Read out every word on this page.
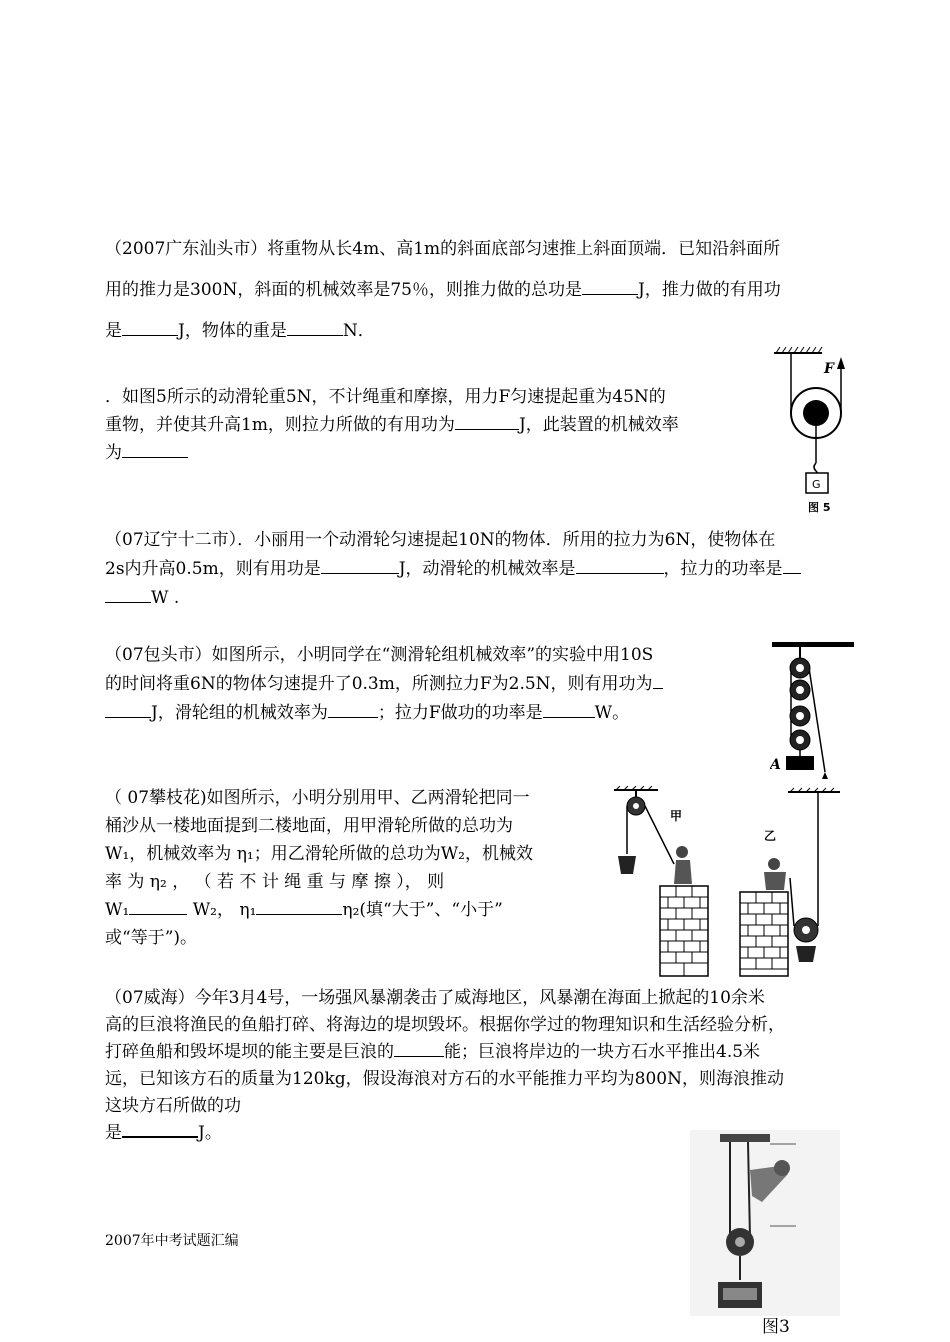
（2007广东汕头市）将重物从长4m、高1m的斜面底部匀速推上斜面顶端．已知沿斜面所
用的推力是300N，斜面的机械效率是75％，则推力做的总功是	J，推力做的有用功
是	J，物体的重是	N．
．如图5所示的动滑轮重5N，不计绳重和摩擦，用力F匀速提起重为45N的
重物，并使其升高1m，则拉力所做的有用功为	J，此装置的机械效率
为
F
G
图 5
（07辽宁十二市）．小丽用一个动滑轮匀速提起10N的物体．所用的拉力为6N，使物体在
2s内升高0.5m，则有用功是	J，动滑轮的机械效率是	，拉力的功率是
W .
（07包头市）如图所示，小明同学在“测滑轮组机械效率”的实验中用10S
的时间将重6N的物体匀速提升了0.3m，所测拉力F为2.5N，则有用功为
J，滑轮组的机械效率为	；拉力F做功的功率是	W。
A
（ 07攀枝花)如图所示，小明分别用甲、乙两滑轮把同一
桶沙从一楼地面提到二楼地面，用甲滑轮所做的总功为
W₁，机械效率为 η₁；用乙滑轮所做的总功为W₂，机械效
率 为 η₂ ， （ 若 不 计 绳 重 与 摩 擦 ）， 则
W₁	W₂， η₁	η₂(填“大于”、“小于”
或“等于”)。
甲
乙
（07威海）今年3月4号，一场强风暴潮袭击了威海地区，风暴潮在海面上掀起的10余米
高的巨浪将渔民的鱼船打碎、将海边的堤坝毁坏。根据你学过的物理知识和生活经验分析，
打碎鱼船和毁坏堤坝的能主要是巨浪的	能；巨浪将岸边的一块方石水平推出4.5米
远，已知该方石的质量为120kg，假设海浪对方石的水平能推力平均为800N，则海浪推动
这块方石所做的功
是	J。
图3
2007年中考试题汇编
